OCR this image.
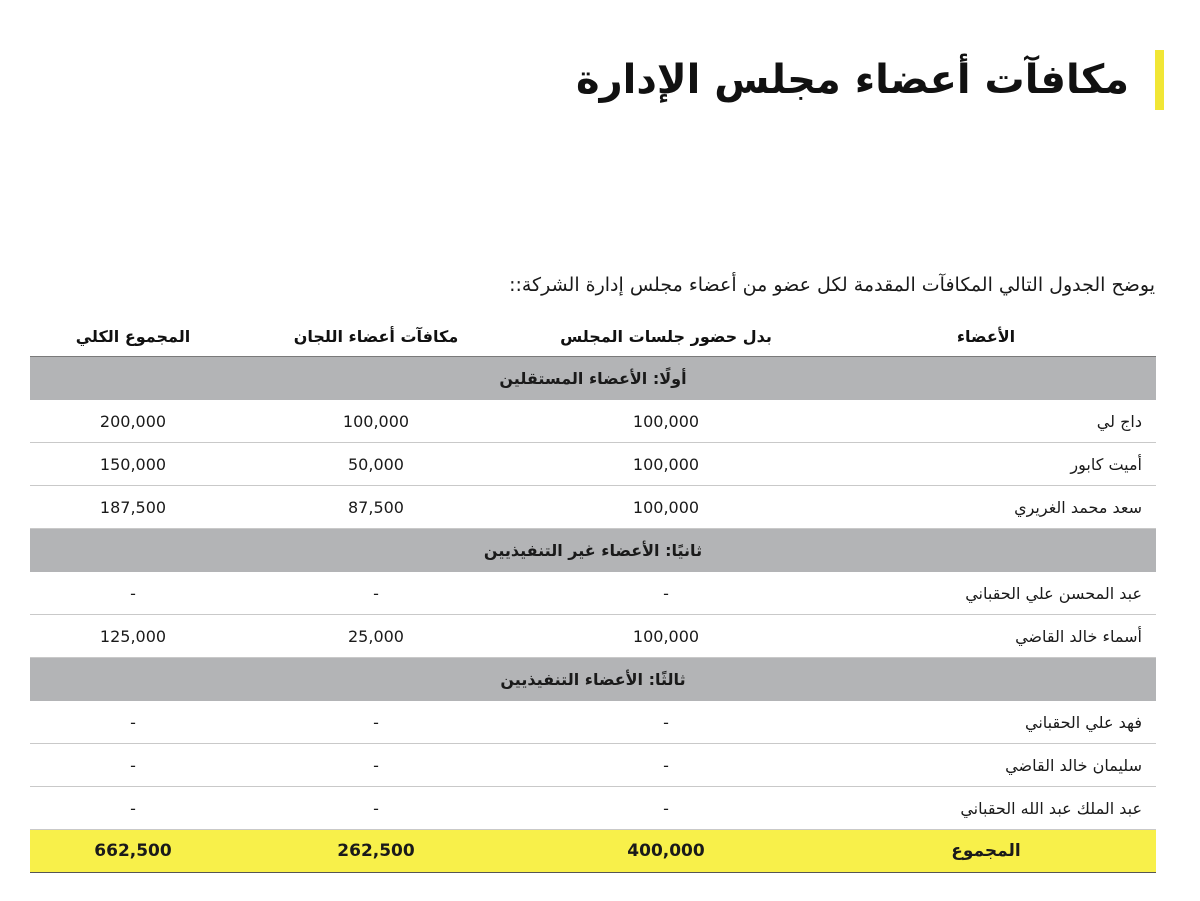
مكافآت أعضاء مجلس الإدارة

يوضح الجدول التالي المكافآت المقدمة لكل عضو من أعضاء مجلس إدارة الشركة::

الأعضاء	بدل حضور جلسات المجلس	مكافآت أعضاء اللجان	المجموع الكلي
أولًا: الأعضاء المستقلين			
داج لي	100,000	100,000	200,000
أميت كابور	100,000	50,000	150,000
سعد محمد الغريري	100,000	87,500	187,500
ثانيًا: الأعضاء غير التنفيذيين			
عبد المحسن علي الحقباني	-	-	-
أسماء خالد القاضي	100,000	25,000	125,000
ثالثًا: الأعضاء التنفيذيين			
فهد علي الحقباني	-	-	-
سليمان خالد القاضي	-	-	-
عبد الملك عبد الله الحقباني	-	-	-
المجموع	400,000	262,500	662,500
